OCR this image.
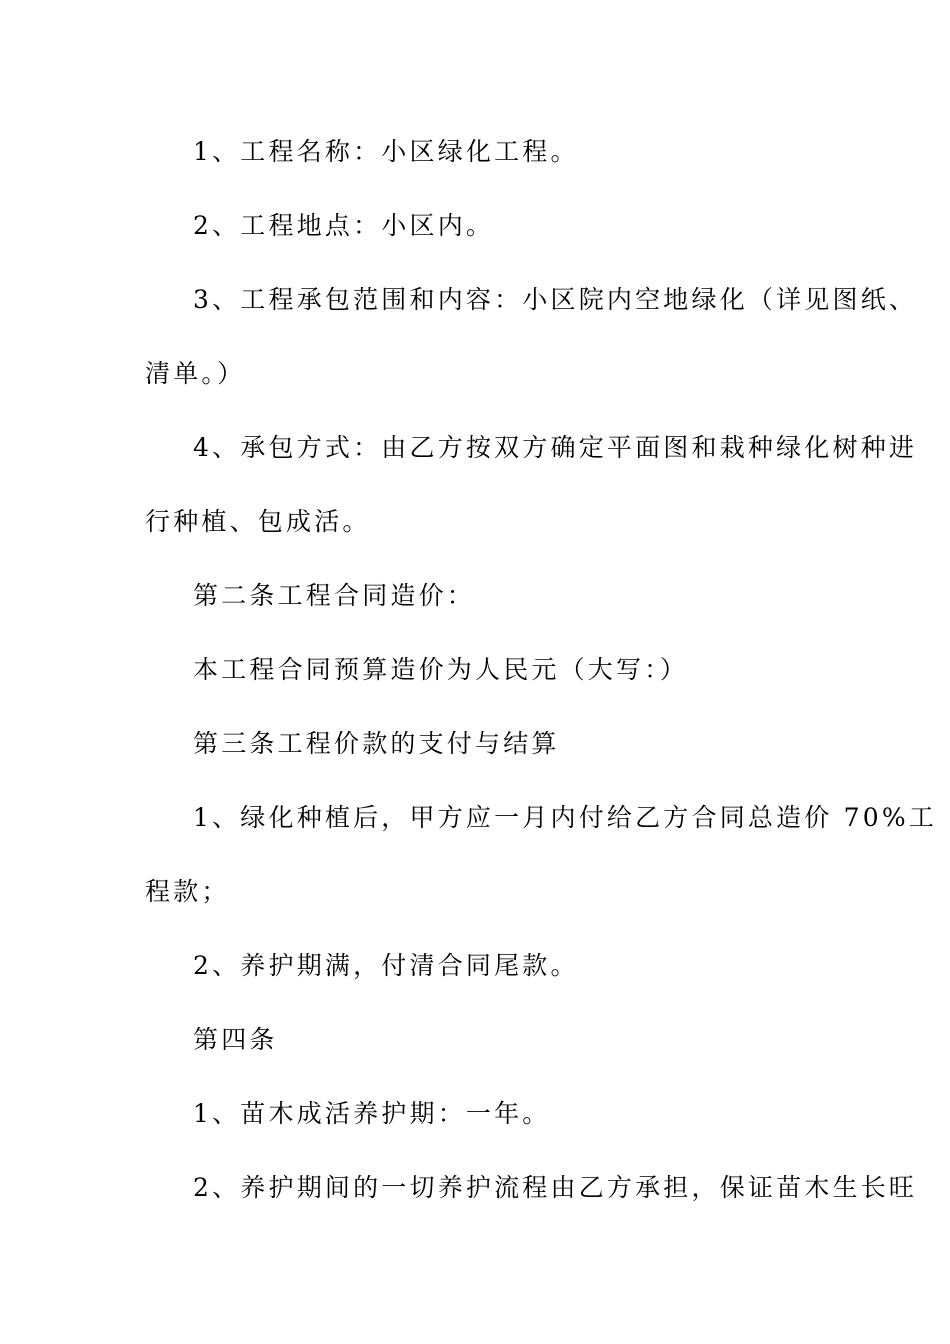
1、工程名称：小区绿化工程。
2、工程地点：小区内。
3、工程承包范围和内容：小区院内空地绿化（详见图纸、
清单。）
4、承包方式：由乙方按双方确定平面图和栽种绿化树种进
行种植、包成活。
第二条工程合同造价：
本工程合同预算造价为人民元（大写：）
第三条工程价款的支付与结算
1、绿化种植后，甲方应一月内付给乙方合同总造价 70%工
程款；
2、养护期满，付清合同尾款。
第四条
1、苗木成活养护期：一年。
2、养护期间的一切养护流程由乙方承担，保证苗木生长旺
